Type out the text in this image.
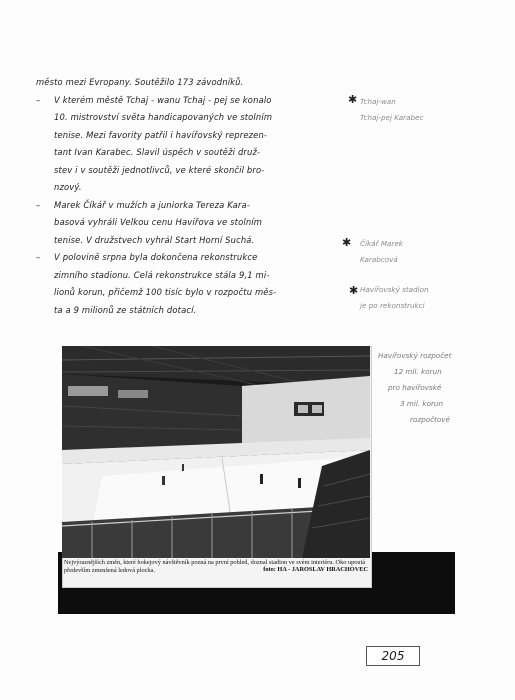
město mezi Evropany. Soutěžilo 173 závodníků.
– V kterém městě Tchaj - wanu Tchaj - pej se konalo
10. mistrovství světa handicapovaných ve stolním
tenise. Mezi favority patřil i havířovský reprezen-
tant Ivan Karabec. Slavil úspěch v soutěži druž-
stev i v soutěži jednotlivců, ve které skončil bro-
nzový.
– Marek Číkář v mužích a juniorka Tereza Kara-
basová vyhráli Velkou cenu Havířova ve stolním
tenise. V družstvech vyhrál Start Horní Suchá.
– V polovině srpna byla dokončena rekonstrukce
zimního stadionu. Celá rekonstrukce stála 9,1 mi-
lionů korun, přičemž 100 tisíc bylo v rozpočtu měs-
ta a 9 milionů ze státních dotací.
✱
✱
✱
Tchaj-wan
Tchaj-pej Karabec
Číkář Marek
Karabcová
Havířovský stadion
je po rekonstrukci
Havířovský rozpočet
12 mil. korun
pro havířovské
3 mil. korun
rozpočtové
Nejvýraznějších změn, které hokejový návštěvník pozná na první pohled, doznal stadion ve svém interiéru. Oko upoutá především zmenšená ledová plocha.	foto: HA - JAROSLAV HRACHOVEC
205
